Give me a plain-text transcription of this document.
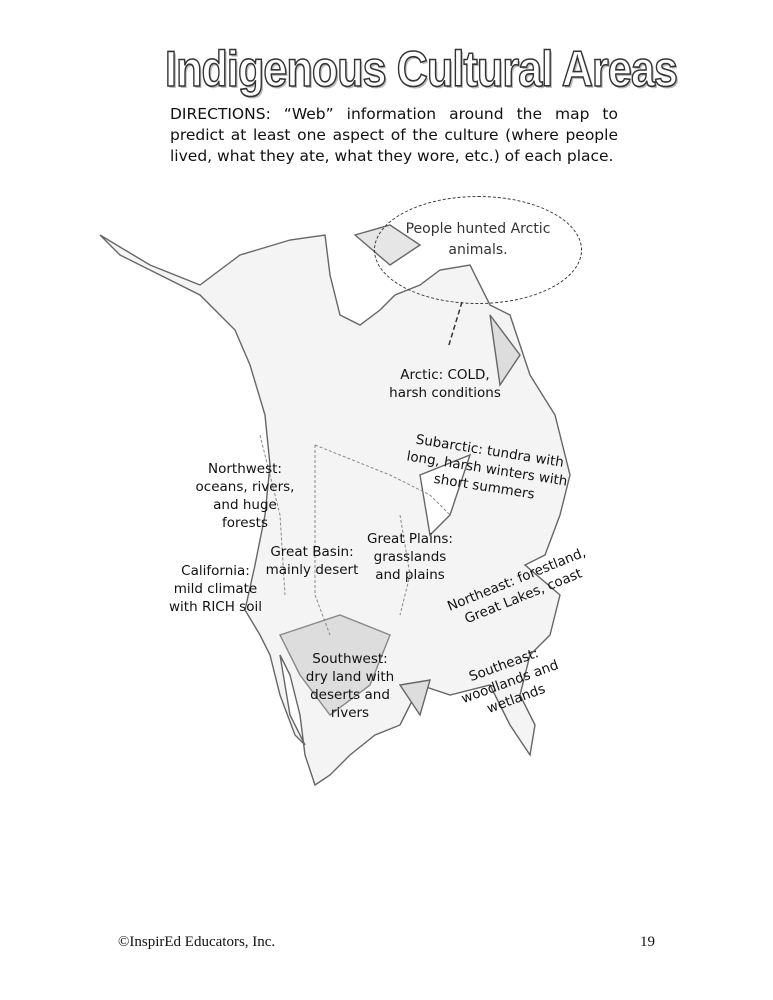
Indigenous Cultural Areas
DIRECTIONS: “Web” information around the map to predict at least one aspect of the culture (where people lived, what they ate, what they wore, etc.) of each place.
People hunted Arctic animals.
Arctic: COLD, harsh conditions
Subarctic: tundra with long, harsh winters with short summers
Northwest: oceans, rivers, and huge forests
Great Basin: mainly desert
Great Plains: grasslands and plains
California: mild climate with RICH soil	Northeast: forestland, Great Lakes, coast
Southwest: dry land with deserts and rivers
Southeast: woodlands and wetlands
©InspirEd Educators, Inc.	19
